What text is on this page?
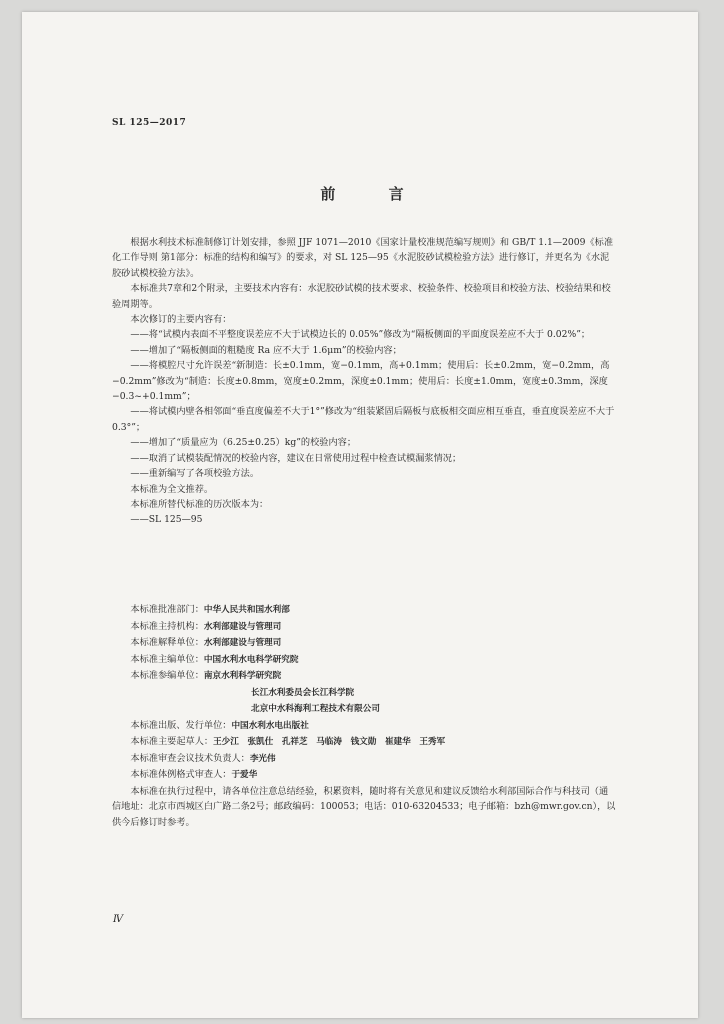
SL 125—2017
前 言

根据水利技术标准制修订计划安排，参照 JJF 1071—2010《国家计量校准规范编写规则》和 GB/T 1.1—2009《标准化工作导则 第1部分：标准的结构和编写》的要求，对 SL 125—95《水泥胶砂试模检验方法》进行修订，并更名为《水泥胶砂试模校验方法》。

本标准共7章和2个附录，主要技术内容有：水泥胶砂试模的技术要求、校验条件、校验项目和校验方法、校验结果和校验周期等。

本次修订的主要内容有：

——将“试模内表面不平整度误差应不大于试模边长的 0.05%”修改为“隔板侧面的平面度误差应不大于 0.02%”；

——增加了“隔板侧面的粗糙度 Ra 应不大于 1.6μm”的校验内容；

——将模腔尺寸允许误差“新制造：长±0.1mm，宽−0.1mm，高+0.1mm；使用后：长±0.2mm，宽−0.2mm，高−0.2mm”修改为“制造：长度±0.8mm，宽度±0.2mm，深度±0.1mm；使用后：长度±1.0mm，宽度±0.3mm，深度−0.3~+0.1mm”；

——将试模内壁各相邻面“垂直度偏差不大于1°”修改为“组装紧固后隔板与底板相交面应相互垂直，垂直度误差应不大于 0.3°”；

——增加了“质量应为（6.25±0.25）kg”的校验内容；

——取消了试模装配情况的校验内容，建议在日常使用过程中检查试模漏浆情况；

——重新编写了各项校验方法。

本标准为全文推荐。

本标准所替代标准的历次版本为：

——SL 125—95

本标准批准部门：中华人民共和国水利部

本标准主持机构：水利部建设与管理司

本标准解释单位：水利部建设与管理司

本标准主编单位：中国水利水电科学研究院

本标准参编单位：南京水利科学研究院

长江水利委员会长江科学院

北京中水科海利工程技术有限公司

本标准出版、发行单位：中国水利水电出版社

本标准主要起草人：王少江　张凯仕　孔祥芝　马临涛　钱文勋　崔建华　王秀军

本标准审查会议技术负责人：李光伟

本标准体例格式审查人：于爱华

本标准在执行过程中，请各单位注意总结经验，积累资料，随时将有关意见和建议反馈给水利部国际合作与科技司（通信地址：北京市西城区白广路二条2号；邮政编码：100053；电话：010-63204533；电子邮箱：bzh@mwr.gov.cn），以供今后修订时参考。

Ⅳ
